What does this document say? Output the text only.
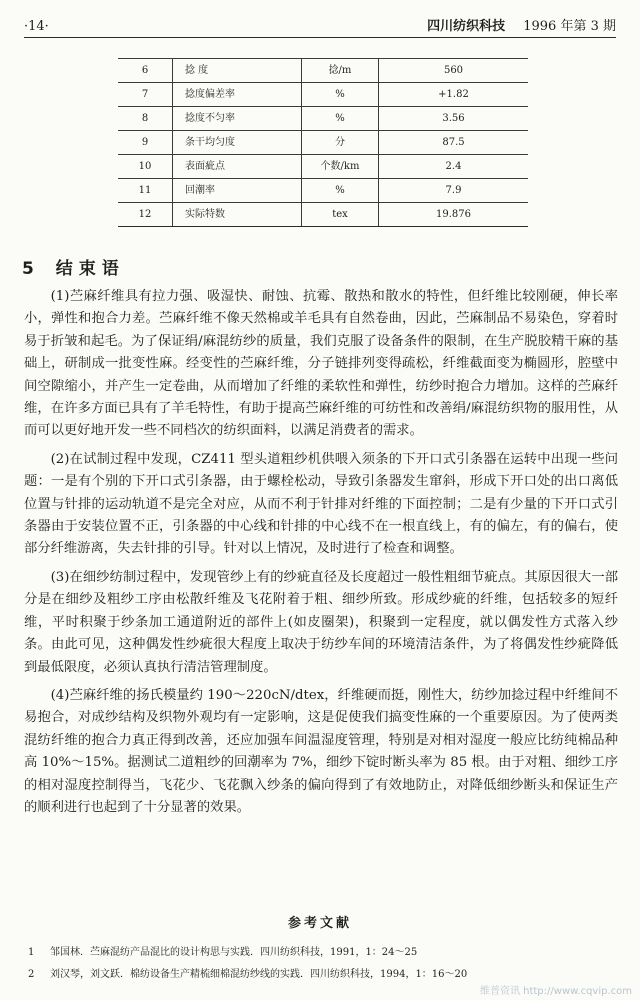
·14·	四川纺织科技 1996 年第 3 期
6	捻 度	捻/m	560
7	捻度偏差率	%	+1.82
8	捻度不匀率	%	3.56
9	条干均匀度	分	87.5
10	表面疵点	个数/km	2.4
11	回潮率	%	7.9
12	实际特数	tex	19.876
5 结束语

(1)苎麻纤维具有拉力强、吸湿快、耐蚀、抗霉、散热和散水的特性，但纤维比较刚硬，伸长率小，弹性和抱合力差。苎麻纤维不像天然棉或羊毛具有自然卷曲，因此，苎麻制品不易染色，穿着时易于折皱和起毛。为了保证绢/麻混纺纱的质量，我们克服了设备条件的限制，在生产脱胶精干麻的基础上，研制成一批变性麻。经变性的苎麻纤维，分子链排列变得疏松，纤维截面变为椭圆形，腔壁中间空隙缩小，并产生一定卷曲，从而增加了纤维的柔软性和弹性，纺纱时抱合力增加。这样的苎麻纤维，在许多方面已具有了羊毛特性，有助于提高苎麻纤维的可纺性和改善绢/麻混纺织物的服用性，从而可以更好地开发一些不同档次的纺织面料，以满足消费者的需求。

(2)在试制过程中发现，CZ411 型头道粗纱机供喂入须条的下开口式引条器在运转中出现一些问题：一是有个别的下开口式引条器，由于螺栓松动，导致引条器发生窜斜，形成下开口处的出口离低位置与针排的运动轨道不是完全对应，从而不利于针排对纤维的下面控制；二是有少量的下开口式引条器由于安装位置不正，引条器的中心线和针排的中心线不在一根直线上，有的偏左，有的偏右，使部分纤维游离，失去针排的引导。针对以上情况，及时进行了检查和调整。

(3)在细纱纺制过程中，发现管纱上有的纱疵直径及长度超过一般性粗细节疵点。其原因很大一部分是在细纱及粗纱工序由松散纤维及飞花附着于粗、细纱所致。形成纱疵的纤维，包括较多的短纤维，平时积聚于纱条加工通道附近的部件上(如皮圈架)，积聚到一定程度，就以偶发性方式落入纱条。由此可见，这种偶发性纱疵很大程度上取决于纺纱车间的环境清洁条件，为了将偶发性纱疵降低到最低限度，必须认真执行清洁管理制度。

(4)苎麻纤维的扬氏模量约 190～220cN/dtex，纤维硬而挺，刚性大，纺纱加捻过程中纤维间不易抱合，对成纱结构及织物外观均有一定影响，这是促使我们搞变性麻的一个重要原因。为了使两类混纺纤维的抱合力真正得到改善，还应加强车间温湿度管理，特别是对相对湿度一般应比纺纯棉品种高 10%～15%。据测试二道粗纱的回潮率为 7%，细纱下锭时断头率为 85 根。由于对粗、细纱工序的相对湿度控制得当，飞花少、飞花飘入纱条的偏向得到了有效地防止，对降低细纱断头和保证生产的顺利进行也起到了十分显著的效果。

参考文献
1	邹国林．苎麻混纺产品混比的设计构思与实践．四川纺织科技，1991，1：24～25
2	刘汉琴，刘文跃．棉纺设备生产精梳细棉混纺纱线的实践．四川纺织科技，1994，1：16～20
维普资讯 http://www.cqvip.com
